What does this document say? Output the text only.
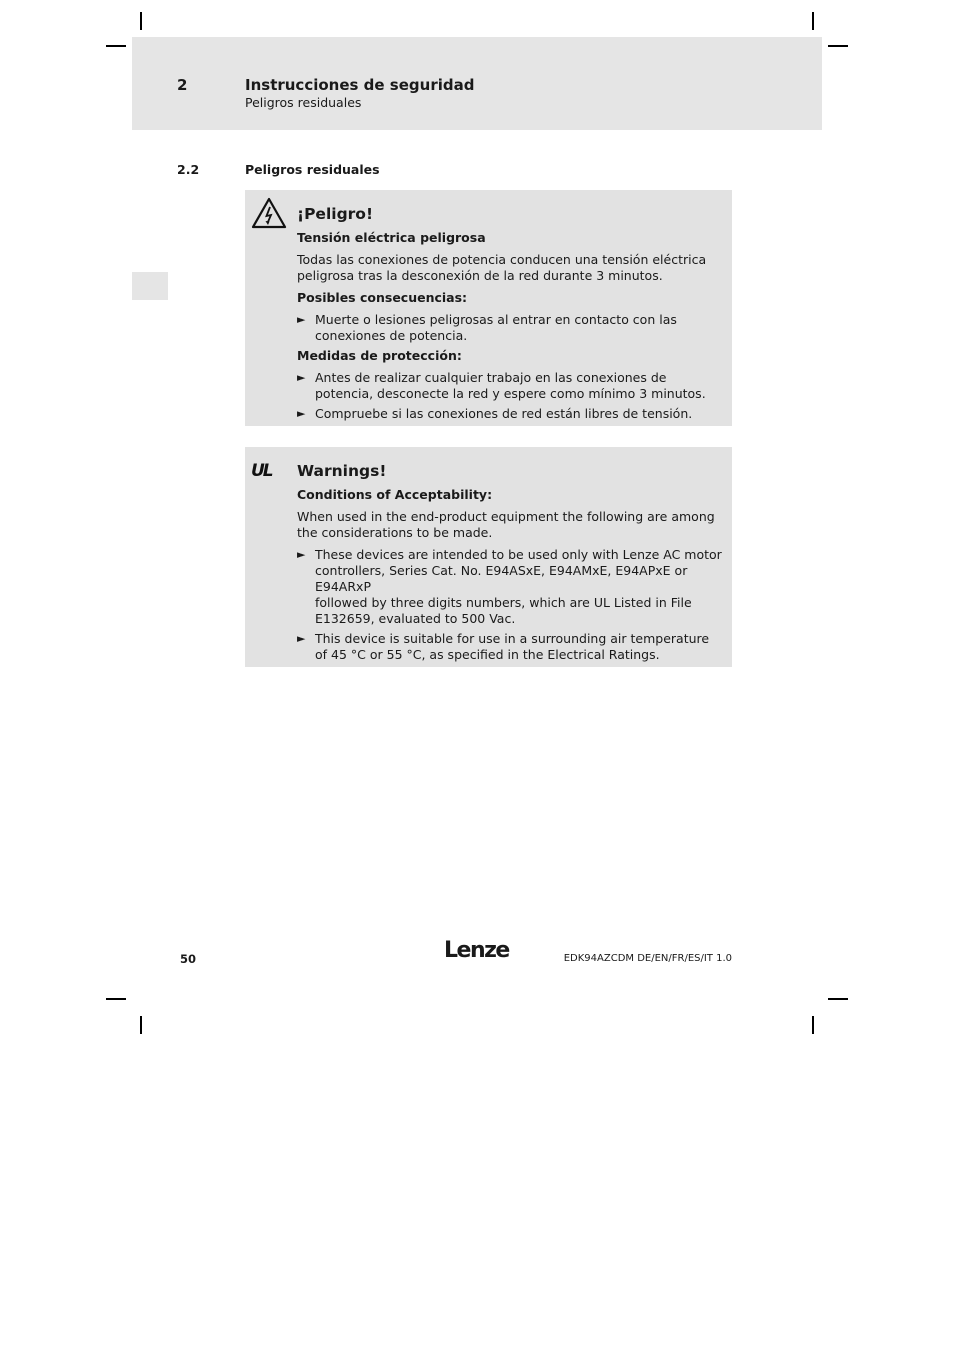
2	Instrucciones de seguridad
Peligros residuales
2.2	Peligros residuales
¡Peligro!
Tensión eléctrica peligrosa
Todas las conexiones de potencia conducen una tensión eléctrica peligrosa tras la desconexión de la red durante 3 minutos.
Posibles consecuencias:
► Muerte o lesiones peligrosas al entrar en contacto con las conexiones de potencia.
Medidas de protección:
► Antes de realizar cualquier trabajo en las conexiones de potencia, desconecte la red y espere como mínimo 3 minutos.
► Compruebe si las conexiones de red están libres de tensión.
UL Warnings!
Conditions of Acceptability:
When used in the end-product equipment the following are among the considerations to be made.
► These devices are intended to be used only with Lenze AC motor controllers, Series Cat. No. E94ASxE, E94AMxE, E94APxE or E94ARxP
followed by three digits numbers, which are UL Listed in File E132659, evaluated to 500 Vac.
► This device is suitable for use in a surrounding air temperature of 45 °C or 55 °C, as specified in the Electrical Ratings.
50	Lenze	EDK94AZCDM DE/EN/FR/ES/IT 1.0
